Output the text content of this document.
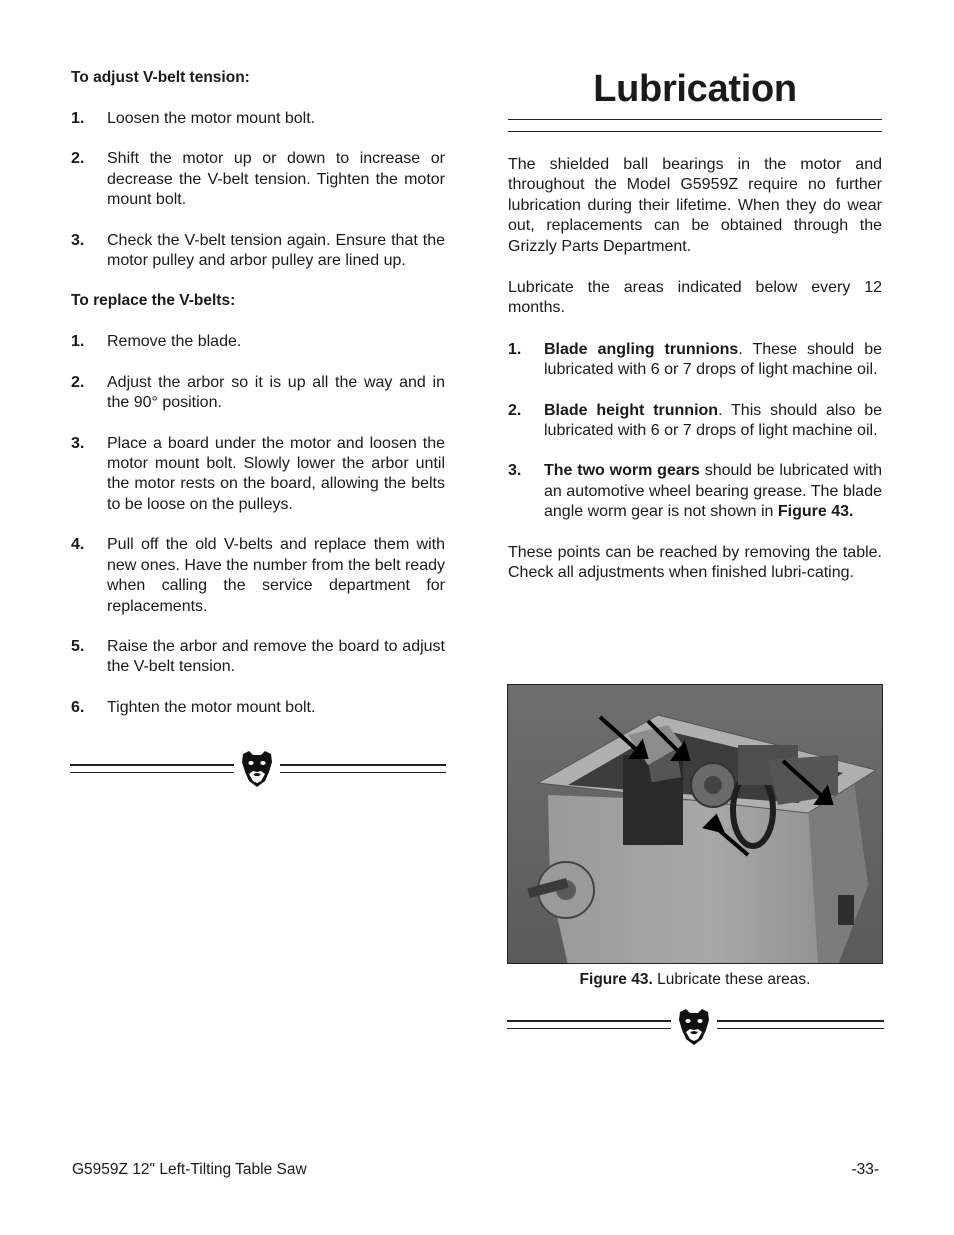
To adjust V-belt tension:
1. Loosen the motor mount bolt.
2. Shift the motor up or down to increase or decrease the V-belt tension. Tighten the motor mount bolt.
3. Check the V-belt tension again. Ensure that the motor pulley and arbor pulley are lined up.
To replace the V-belts:
1. Remove the blade.
2. Adjust the arbor so it is up all the way and in the 90° position.
3. Place a board under the motor and loosen the motor mount bolt. Slowly lower the arbor until the motor rests on the board, allowing the belts to be loose on the pulleys.
4. Pull off the old V-belts and replace them with new ones. Have the number from the belt ready when calling the service department for replacements.
5. Raise the arbor and remove the board to adjust the V-belt tension.
6. Tighten the motor mount bolt.
Lubrication
The shielded ball bearings in the motor and throughout the Model G5959Z require no further lubrication during their lifetime. When they do wear out, replacements can be obtained through the Grizzly Parts Department.
Lubricate the areas indicated below every 12 months.
1. Blade angling trunnions. These should be lubricated with 6 or 7 drops of light machine oil.
2. Blade height trunnion. This should also be lubricated with 6 or 7 drops of light machine oil.
3. The two worm gears should be lubricated with an automotive wheel bearing grease. The blade angle worm gear is not shown in Figure 43.
These points can be reached by removing the table. Check all adjustments when finished lubri-cating.
Figure 43. Lubricate these areas.
G5959Z 12" Left-Tilting Table Saw	-33-
